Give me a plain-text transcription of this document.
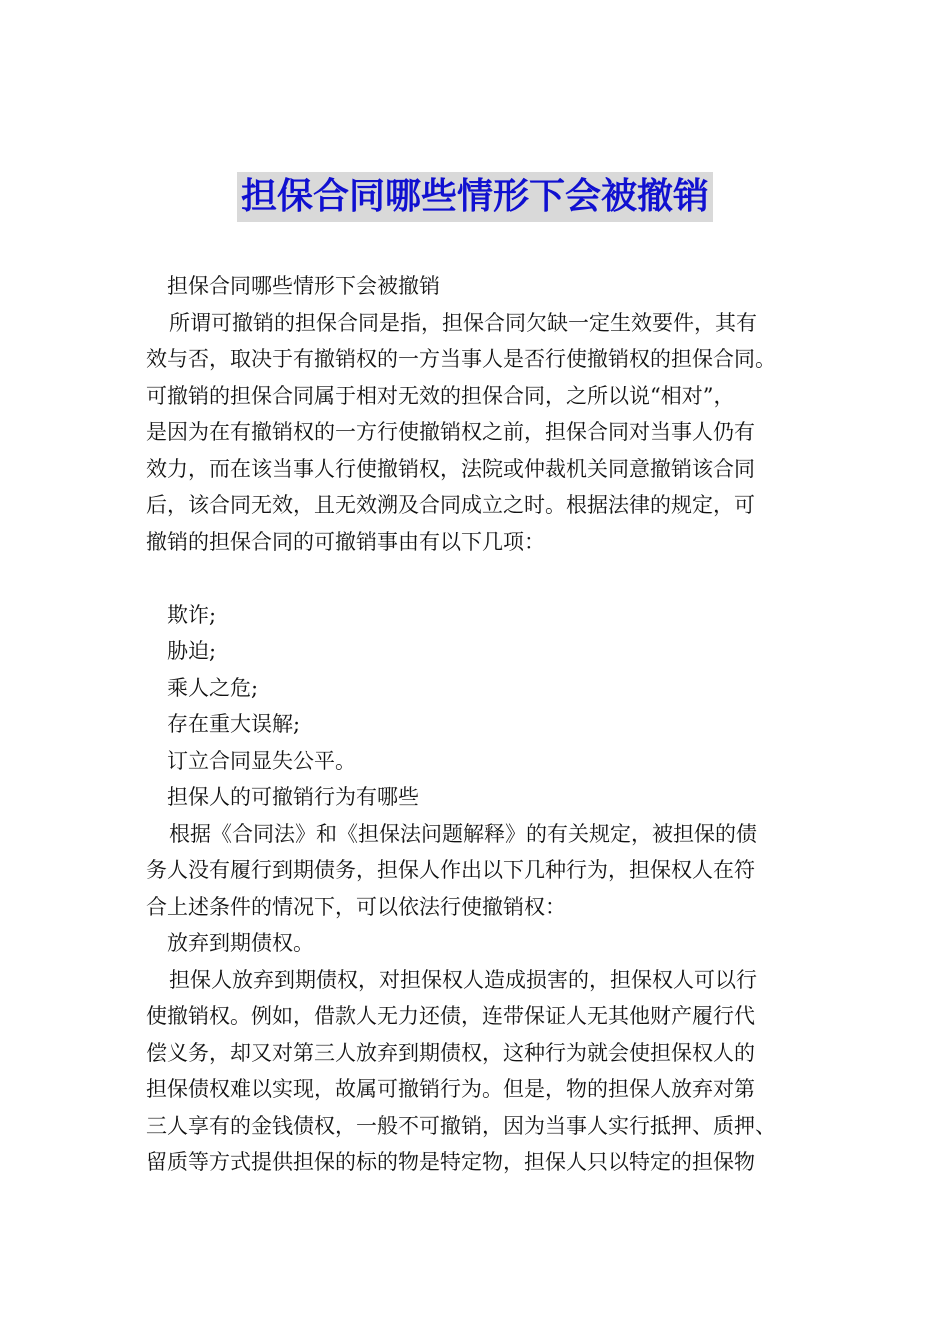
担保合同哪些情形下会被撤销
担保合同哪些情形下会被撤销
所谓可撤销的担保合同是指，担保合同欠缺一定生效要件，其有
效与否，取决于有撤销权的一方当事人是否行使撤销权的担保合同。
可撤销的担保合同属于相对无效的担保合同，之所以说“相对”，
是因为在有撤销权的一方行使撤销权之前，担保合同对当事人仍有
效力，而在该当事人行使撤销权，法院或仲裁机关同意撤销该合同
后，该合同无效，且无效溯及合同成立之时。根据法律的规定，可
撤销的担保合同的可撤销事由有以下几项：
欺诈;
胁迫;
乘人之危;
存在重大误解;
订立合同显失公平。
担保人的可撤销行为有哪些
根据《合同法》和《担保法问题解释》的有关规定，被担保的债
务人没有履行到期债务，担保人作出以下几种行为，担保权人在符
合上述条件的情况下，可以依法行使撤销权：
放弃到期债权。
担保人放弃到期债权，对担保权人造成损害的，担保权人可以行
使撤销权。例如，借款人无力还债，连带保证人无其他财产履行代
偿义务，却又对第三人放弃到期债权，这种行为就会使担保权人的
担保债权难以实现，故属可撤销行为。但是，物的担保人放弃对第
三人享有的金钱债权，一般不可撤销，因为当事人实行抵押、质押、
留质等方式提供担保的标的物是特定物，担保人只以特定的担保物
